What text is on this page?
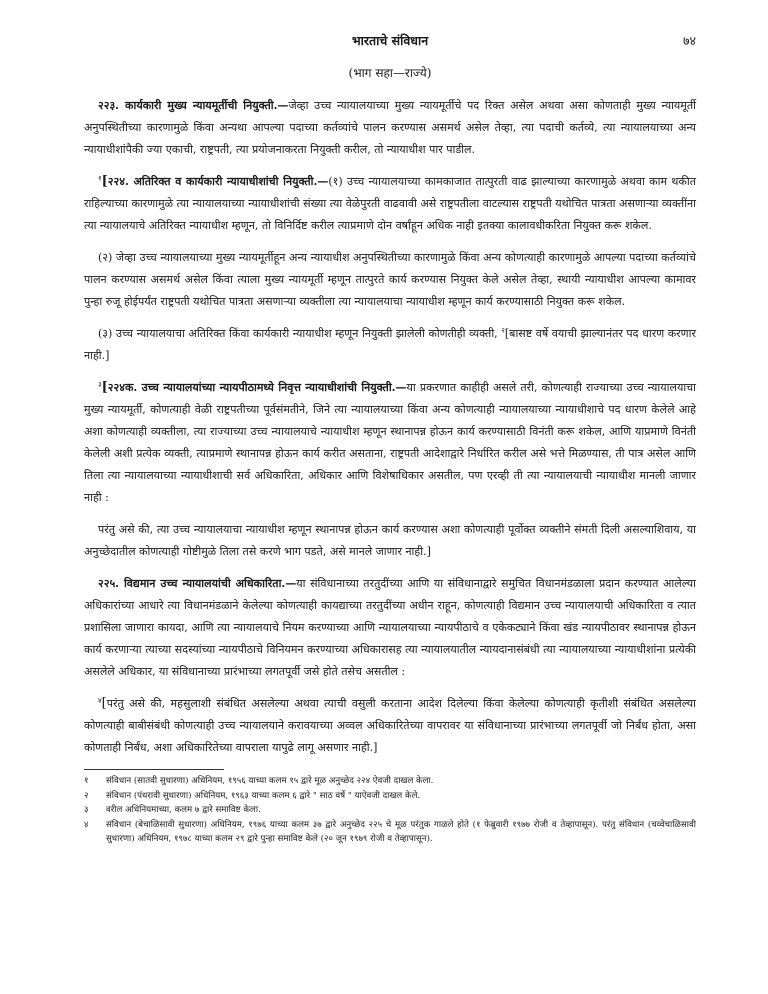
भारताचे संविधान	७४
(भाग सहा—राज्ये)

२२३. कार्यकारी मुख्य न्यायमूर्तीची नियुक्ती.—जेव्हा उच्च न्यायालयाच्या मुख्य न्यायमूर्तीचे पद रिक्त असेल अथवा असा कोणताही मुख्य न्यायमूर्ती अनुपस्थितीच्या कारणामुळे किंवा अन्यथा आपल्या पदाच्या कर्तव्यांचे पालन करण्यास असमर्थ असेल तेव्हा, त्या पदाची कर्तव्ये, त्या न्यायालयाच्या अन्य न्यायाधीशांपैकी ज्या एकाची, राष्ट्रपती, त्या प्रयोजनाकरता नियुक्ती करील, तो न्यायाधीश पार पाडील.

$^१$[२२४. अतिरिक्त व कार्यकारी न्यायाधीशांची नियुक्ती.—(१) उच्च न्यायालयाच्या कामकाजात तात्पुरती वाढ झाल्याच्या कारणामुळे अथवा काम थकीत राहिल्याच्या कारणामुळे त्या न्यायालयाच्या न्यायाधीशांची संख्या त्या वेळेपुरती वाढवावी असे राष्ट्रपतीला वाटल्यास राष्ट्रपती यथोचित पात्रता असणाऱ्या व्यक्तींना त्या न्यायालयाचे अतिरिक्त न्यायाधीश म्हणून, तो विनिर्दिष्ट करील त्याप्रमाणे दोन वर्षांहून अधिक नाही इतक्या कालावधीकरिता नियुक्त करू शकेल.

(२) जेव्हा उच्च न्यायालयाच्या मुख्य न्यायमूर्तीहून अन्य न्यायाधीश अनुपस्थितीच्या कारणामुळे किंवा अन्य कोणत्याही कारणामुळे आपल्या पदाच्या कर्तव्यांचे पालन करण्यास असमर्थ असेल किंवा त्याला मुख्य न्यायमूर्ती म्हणून तात्पुरते कार्य करण्यास नियुक्त केले असेल तेव्हा, स्थायी न्यायाधीश आपल्या कामावर पुन्हा रुजू होईपर्यंत राष्ट्रपती यथोचित पात्रता असणाऱ्या व्यक्तीला त्या न्यायालयाचा न्यायाधीश म्हणून कार्य करण्यासाठी नियुक्त करू शकेल.

(३) उच्च न्यायालयाचा अतिरिक्त किंवा कार्यकारी न्यायाधीश म्हणून नियुक्ती झालेली कोणतीही व्यक्ती, $^२$[बासष्ट वर्षे वयाची झाल्यानंतर पद धारण करणार नाही.]

$^३$[२२४क. उच्च न्यायालयांच्या न्यायपीठामध्ये निवृत्त न्यायाधीशांची नियुक्ती.—या प्रकरणात काहीही असले तरी, कोणत्याही राज्याच्या उच्च न्यायालयाचा मुख्य न्यायमूर्ती, कोणत्याही वेळी राष्ट्रपतीच्या पूर्वसंमतीने, जिने त्या न्यायालयाच्या किंवा अन्य कोणत्याही न्यायालयाच्या न्यायाधीशाचे पद धारण केलेले आहे अशा कोणत्याही व्यक्तीला, त्या राज्याच्या उच्च न्यायालयाचे न्यायाधीश म्हणून स्थानापन्न होऊन कार्य करण्यासाठी विनंती करू शकेल, आणि याप्रमाणे विनंती केलेली अशी प्रत्येक व्यक्ती, त्याप्रमाणे स्थानापन्न होऊन कार्य करीत असताना, राष्ट्रपती आदेशाद्वारे निर्धारित करील असे भत्ते मिळण्यास, ती पात्र असेल आणि तिला त्या न्यायालयाच्या न्यायाधीशाची सर्व अधिकारिता, अधिकार आणि विशेषाधिकार असतील, पण एरव्ही ती त्या न्यायालयाची न्यायाधीश मानली जाणार नाही :

परंतु असे की, त्या उच्च न्यायालयाचा न्यायाधीश म्हणून स्थानापन्न होऊन कार्य करण्यास अशा कोणत्याही पूर्वोक्त व्यक्तीने संमती दिली असल्याशिवाय, या अनुच्छेदातील कोणत्याही गोष्टीमुळे तिला तसे करणे भाग पडते, असे मानले जाणार नाही.]

२२५. विद्यमान उच्च न्यायालयांची अधिकारिता.—या संविधानाच्या तरतुदींच्या आणि या संविधानाद्वारे समुचित विधानमंडळाला प्रदान करण्यात आलेल्या अधिकारांच्या आधारे त्या विधानमंडळाने केलेल्या कोणत्याही कायद्याच्या तरतुदींच्या अधीन राहून, कोणत्याही विद्यमान उच्च न्यायालयाची अधिकारिता व त्यात प्रशासिला जाणारा कायदा, आणि त्या न्यायालयाचे नियम करण्याच्या आणि न्यायालयाच्या न्यायपीठाचे व एकेकट्याने किंवा खंड न्यायपीठावर स्थानापन्न होऊन कार्य करणाऱ्या त्याच्या सदस्यांच्या न्यायपीठाचे विनियमन करण्याच्या अधिकारासह त्या न्यायालयातील न्यायदानासंबंधी त्या न्यायालयाच्या न्यायाधीशांना प्रत्येकी असलेले अधिकार, या संविधानाच्या प्रारंभाच्या लगतपूर्वी जसे होते तसेच असतील :

$^४$[परंतु असे की, महसुलाशी संबंधित असलेल्या अथवा त्याची वसुली करताना आदेश दिलेल्या किंवा केलेल्या कोणत्याही कृतीशी संबंधित असलेल्या कोणत्याही बाबीसंबंधी कोणत्याही उच्च न्यायालयाने करावयाच्या अव्वल अधिकारितेच्या वापरावर या संविधानाच्या प्रारंभाच्या लगतपूर्वी जो निर्बंध होता, असा कोणताही निर्बंध, अशा अधिकारितेच्या वापराला यापुढे लागू असणार नाही.]

१ संविधान (सातवी सुधारणा) अधिनियम, १९५६ याच्या कलम १५ द्वारे मूळ अनुच्छेद २२४ ऐवजी दाखल केला.

२ संविधान (पंधरावी सुधारणा) अधिनियम, १९६३ याच्या कलम ६ द्वारे " साठ वर्षे " याऐवजी दाखल केले.

३ वरील अधिनियमाच्या, कलम ७ द्वारे समाविष्ट केला.

४ संविधान (बेचाळिसावी सुधारणा) अधिनियम, १९७६ याच्या कलम ३७ द्वारे अनुच्छेद २२५ चे मूळ परंतुक गाळले होते (१ फेब्रुवारी १९७७ रोजी व तेव्हापासून). परंतु संविधान (चव्वेचाळिसावी सुधारणा) अधिनियम, १९७८ याच्या कलम २९ द्वारे पुन्हा समाविष्ट केले (२० जून १९७९ रोजी व तेव्हापासून).
